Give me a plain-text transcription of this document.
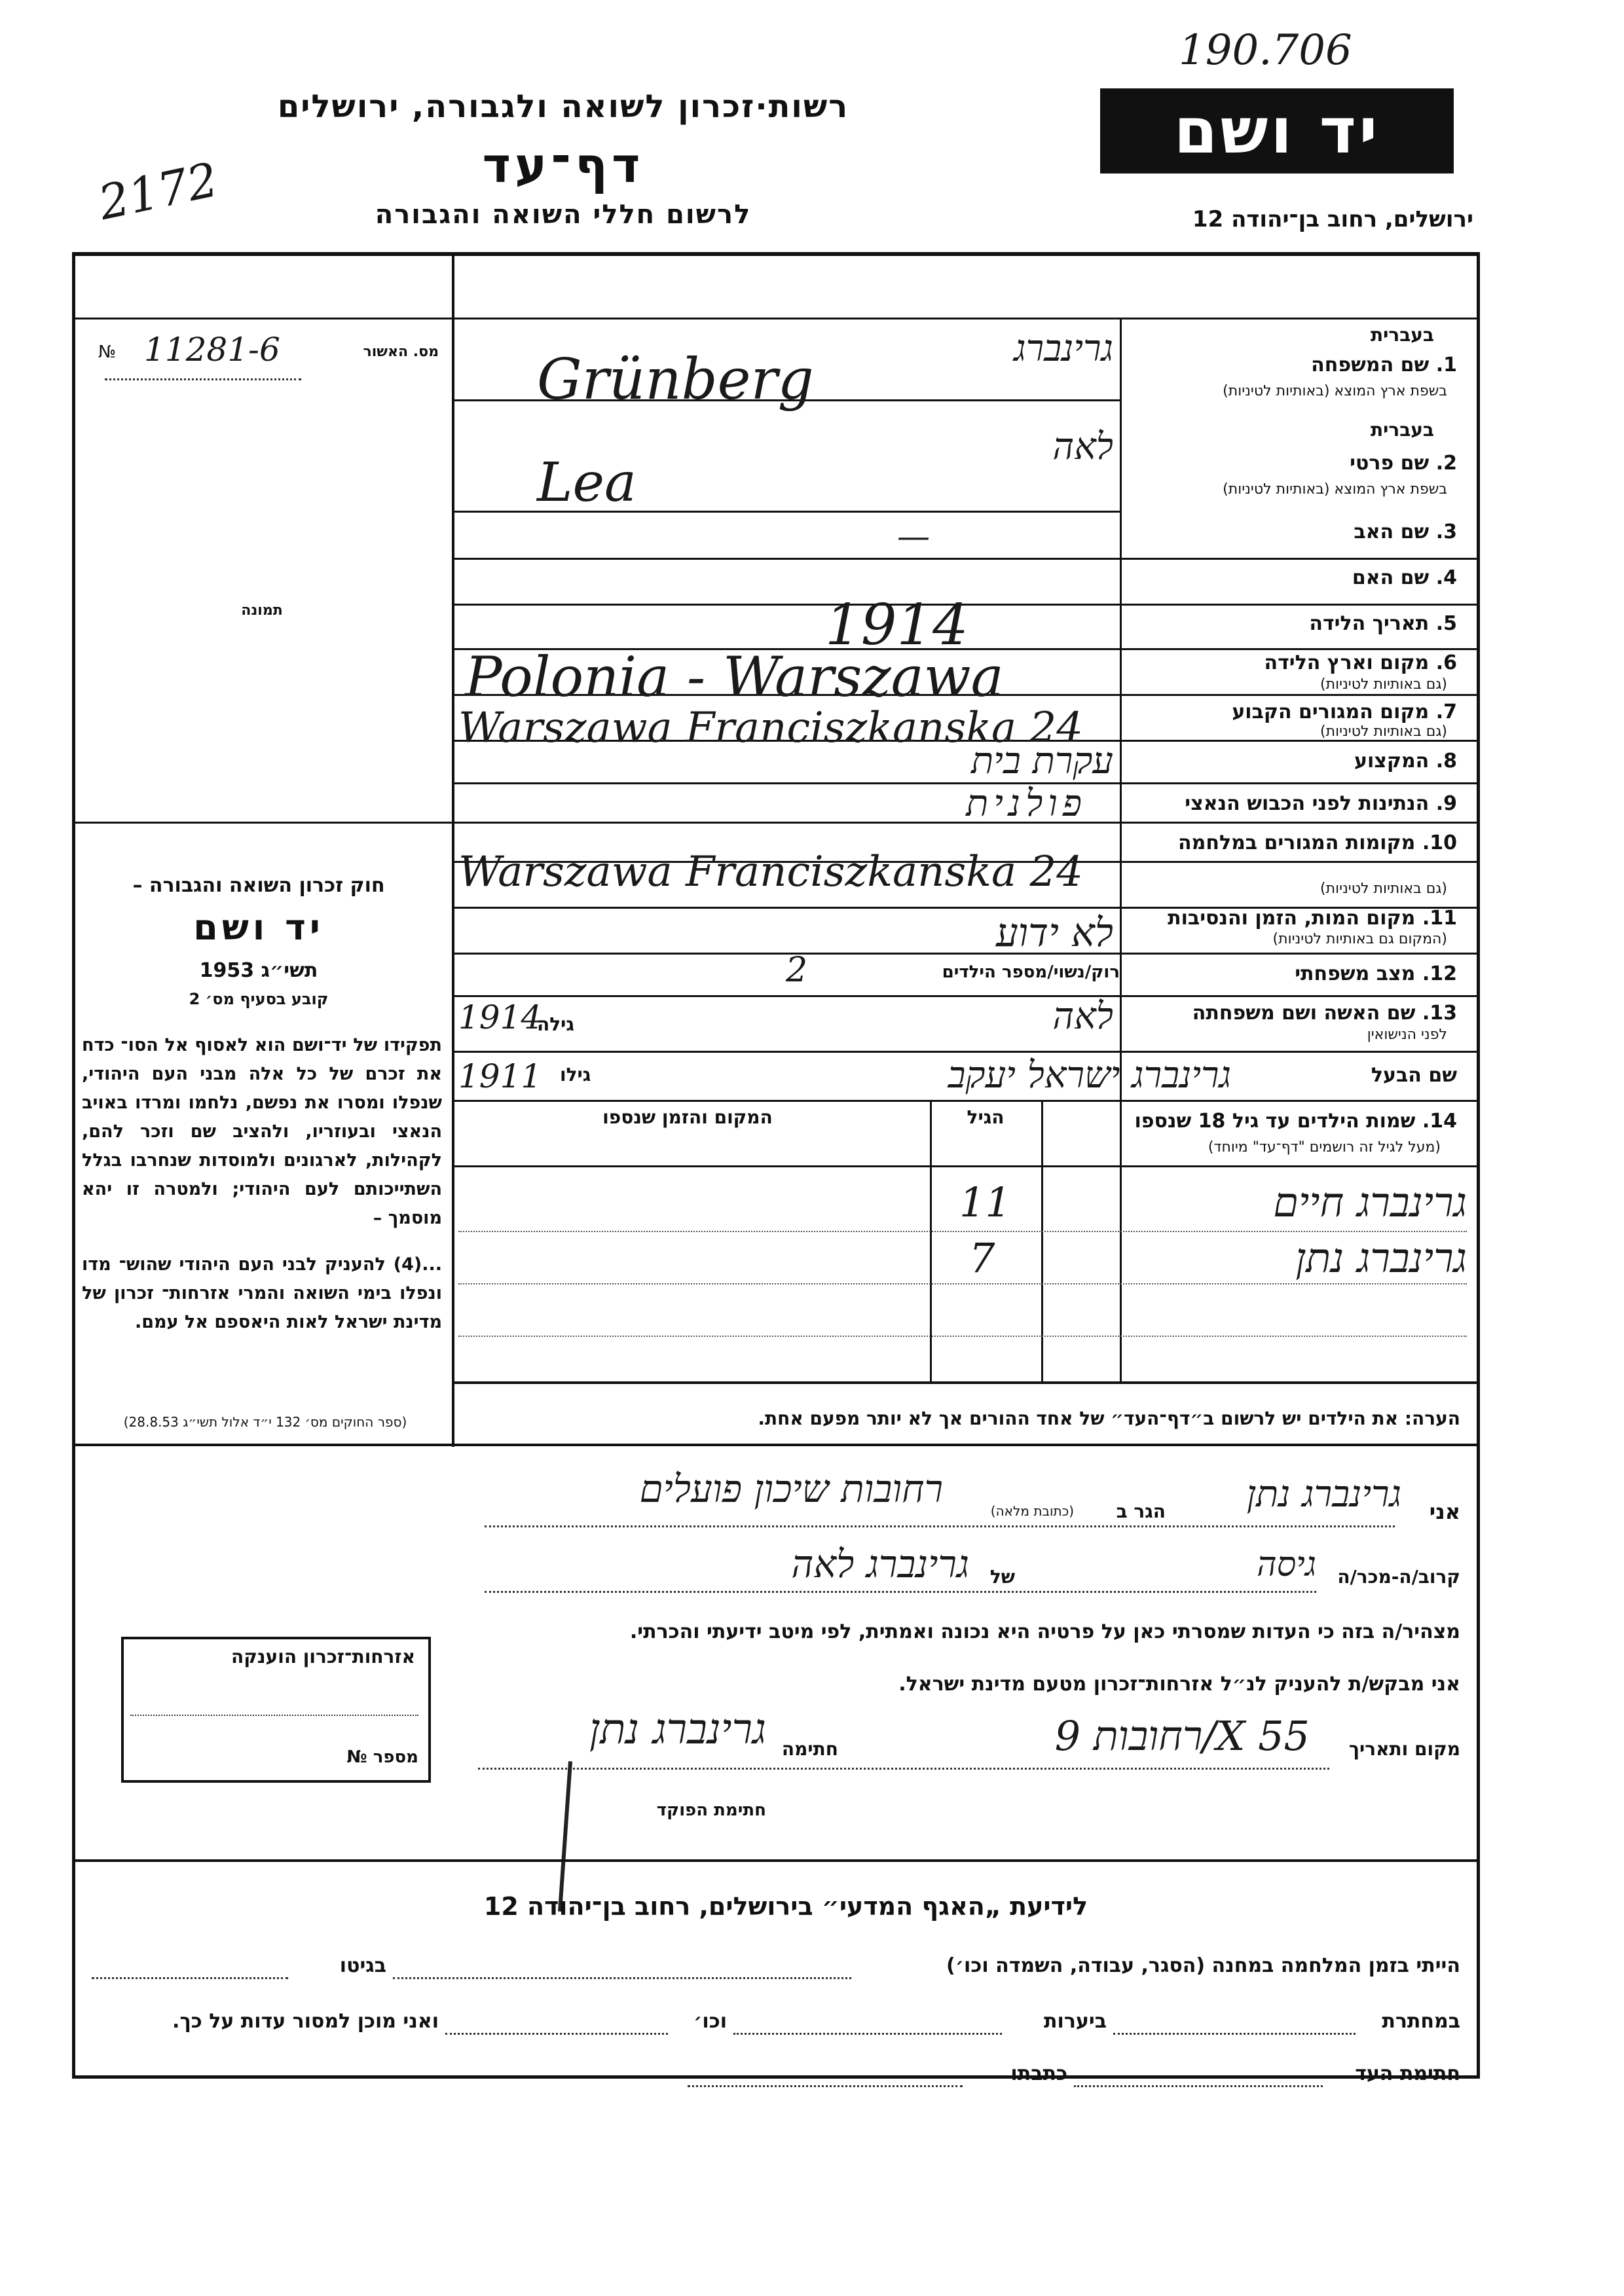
190.706
2172
רשות·זכרון לשואה ולגבורה, ירושלים
דף־עד
לרשום חללי השואה והגבורה
יד ושם
ירושלים, רחוב בן־יהודה 12
№ 11281-6	מס. האשור
תמונה
חוק זכרון השואה והגבורה –
יד ושם
תשי״ג 1953
קובע בסעיף מס׳ 2
תפקידו של יד־ושם הוא לאסוף אל הסו־ כדח את זכרם של כל אלה מבני העם היהודי, שנפלו ומסרו את נפשם, נלחמו ומרדו באויב הנאצי ובעוזריו, ולהציב שם וזכר להם, לקהילות, לארגונים ולמוסדות שנחרבו בגלל השתייכותם לעם היהודי; ולמטרה זו יהא מוסמך –
...(4) להעניק לבני העם היהודי שהוש־ מדו ונפלו בימי השואה והמרי אזרחות־ זכרון של מדינת ישראל לאות היאספם אל עמם.
(ספר החוקים מס׳ 132 י״ד אלול תשי״ג 28.8.53)
1. שם המשפחה
בעברית
בשפת ארץ המוצא (באותיות לטיניות)
גרינברג
Grünberg
2. שם פרטי
בעברית
בשפת ארץ המוצא (באותיות לטיניות)
לאה
Lea
3. שם האב
—
4. שם האם
5. תאריך הלידה
1914
6. מקום וארץ הלידה
(גם באותיות לטיניות)
Polonia - Warszawa
7. מקום המגורים הקבוע
(גם באותיות לטיניות)
Warszawa Franciszkanska 24
8. המקצוע
עקרת בית
9. הנתינות לפני הכבוש הנאצי
פולנית
10. מקומות המגורים במלחמה
(גם באותיות לטיניות)
Warszawa Franciszkanska 24
11. מקום המות, הזמן והנסיבות
(המקום גם באותיות לטיניות)
לא ידוע
12. מצב משפחתי
רוק/נשוי/מספר הילדים
2
13. שם האשה ושם משפחתה
לפני הנישואין
לאה
גילה
1914
שם הבעל
גרינברג ישראל יעקב
גילו
1911
14. שמות הילדים עד גיל 18 שנספו
(מעל לגיל זה רושמים "דף־עד" מיוחד)
הגיל
המקום והזמן שנספו
גרינברג חיים
11
גרינברג נתן
7
הערה: את הילדים יש לרשום ב״דף־העד״ של אחד ההורים אך לא יותר מפעם אחת.
אני
גרינברג נתן
הגר ב
(כתובת מלאה)
רחובות שיכון פועלים
קרוב/ה-מכר/ה
גיסה
של
גרינברג לאה
מצהיר/ה בזה כי העדות שמסרתי כאן על פרטיה היא נכונה ואמתית, לפי מיטב ידיעתי והכרתי.
אני מבקש/ת להעניק לנ״ל אזרחות־זכרון מטעם מדינת ישראל.
מקום ותאריך
רחובות 9/X 55
חתימה
גרינברג נתן
חתימת הפוקד
אזרחות־זכרון הוענקה
מספר №
לידיעת „האגף המדעי״ בירושלים, רחוב בן־יהודה 12
הייתי בזמן המלחמה במחנה (הסגר, עבודה, השמדה וכו׳)
בגיטו
במחתרת
ביערות
וכו׳
ואני מוכן למסור עדות על כך.
חתימת העד
כתבתו
